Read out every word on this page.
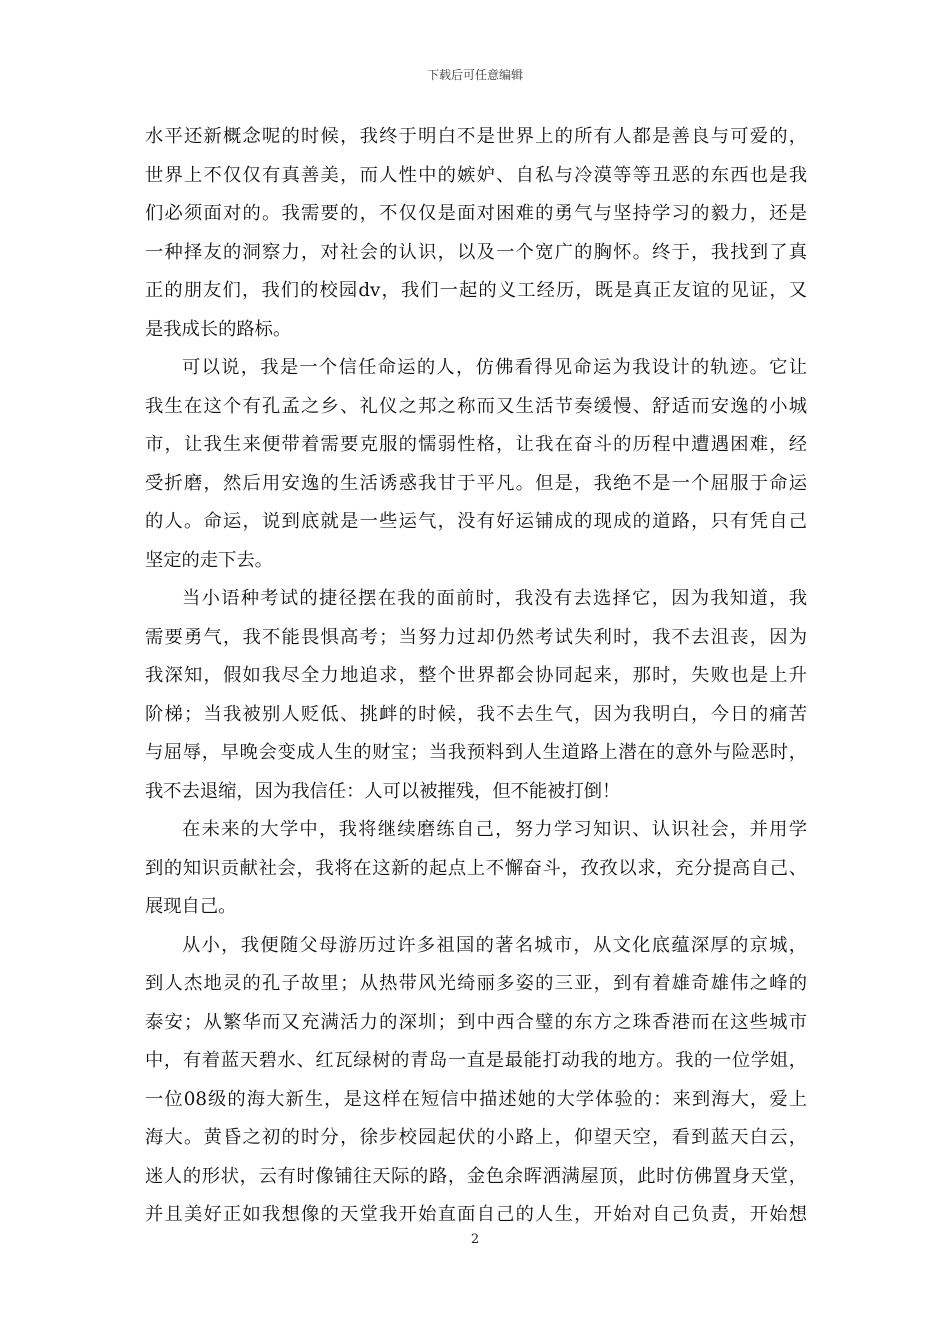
下载后可任意编辑
水平还新概念呢的时候，我终于明白不是世界上的所有人都是善良与可爱的，
世界上不仅仅有真善美，而人性中的嫉妒、自私与冷漠等等丑恶的东西也是我
们必须面对的。我需要的，不仅仅是面对困难的勇气与坚持学习的毅力，还是
一种择友的洞察力，对社会的认识，以及一个宽广的胸怀。终于，我找到了真
正的朋友们，我们的校园dv，我们一起的义工经历，既是真正友谊的见证，又
是我成长的路标。
可以说，我是一个信任命运的人，仿佛看得见命运为我设计的轨迹。它让
我生在这个有孔孟之乡、礼仪之邦之称而又生活节奏缓慢、舒适而安逸的小城
市，让我生来便带着需要克服的懦弱性格，让我在奋斗的历程中遭遇困难，经
受折磨，然后用安逸的生活诱惑我甘于平凡。但是，我绝不是一个屈服于命运
的人。命运，说到底就是一些运气，没有好运铺成的现成的道路，只有凭自己
坚定的走下去。
当小语种考试的捷径摆在我的面前时，我没有去选择它，因为我知道，我
需要勇气，我不能畏惧高考；当努力过却仍然考试失利时，我不去沮丧，因为
我深知，假如我尽全力地追求，整个世界都会协同起来，那时，失败也是上升
阶梯；当我被别人贬低、挑衅的时候，我不去生气，因为我明白，今日的痛苦
与屈辱，早晚会变成人生的财宝；当我预料到人生道路上潜在的意外与险恶时，
我不去退缩，因为我信任：人可以被摧残，但不能被打倒！
在未来的大学中，我将继续磨练自己，努力学习知识、认识社会，并用学
到的知识贡献社会，我将在这新的起点上不懈奋斗，孜孜以求，充分提高自己、
展现自己。
从小，我便随父母游历过许多祖国的著名城市，从文化底蕴深厚的京城，
到人杰地灵的孔子故里；从热带风光绮丽多姿的三亚，到有着雄奇雄伟之峰的
泰安；从繁华而又充满活力的深圳；到中西合璧的东方之珠香港而在这些城市
中，有着蓝天碧水、红瓦绿树的青岛一直是最能打动我的地方。我的一位学姐，
一位08级的海大新生，是这样在短信中描述她的大学体验的：来到海大，爱上
海大。黄昏之初的时分，徐步校园起伏的小路上，仰望天空，看到蓝天白云，
迷人的形状，云有时像铺往天际的路，金色余晖洒满屋顶，此时仿佛置身天堂，
并且美好正如我想像的天堂我开始直面自己的人生，开始对自己负责，开始想
2
